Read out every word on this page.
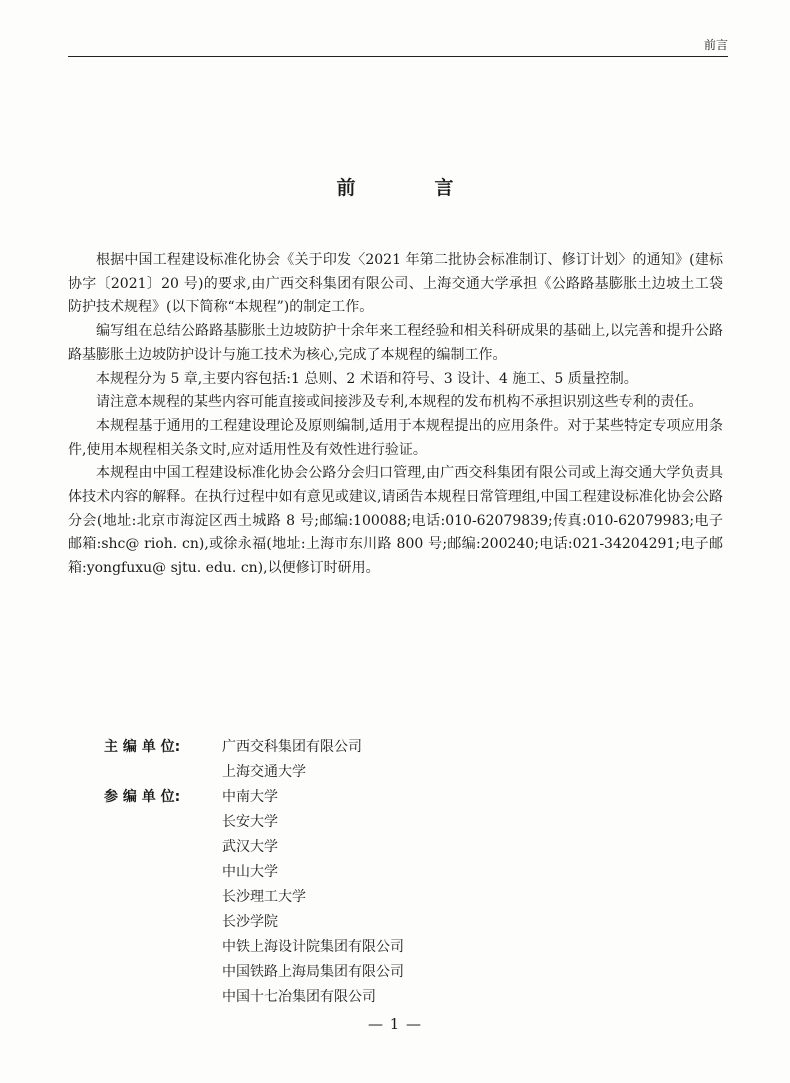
前言
前　言

根据中国工程建设标准化协会《关于印发〈2021 年第二批协会标准制订、修订计划〉的通知》(建标协字〔2021〕20 号)的要求,由广西交科集团有限公司、上海交通大学承担《公路路基膨胀土边坡土工袋防护技术规程》(以下简称“本规程”)的制定工作。

编写组在总结公路路基膨胀土边坡防护十余年来工程经验和相关科研成果的基础上,以完善和提升公路路基膨胀土边坡防护设计与施工技术为核心,完成了本规程的编制工作。

本规程分为 5 章,主要内容包括:1 总则、2 术语和符号、3 设计、4 施工、5 质量控制。

请注意本规程的某些内容可能直接或间接涉及专利,本规程的发布机构不承担识别这些专利的责任。

本规程基于通用的工程建设理论及原则编制,适用于本规程提出的应用条件。对于某些特定专项应用条件,使用本规程相关条文时,应对适用性及有效性进行验证。

本规程由中国工程建设标准化协会公路分会归口管理,由广西交科集团有限公司或上海交通大学负责具体技术内容的解释。在执行过程中如有意见或建议,请函告本规程日常管理组,中国工程建设标准化协会公路分会(地址:北京市海淀区西土城路 8 号;邮编:100088;电话:010-62079839;传真:010-62079983;电子邮箱:shc@ rioh. cn),或徐永福(地址:上海市东川路 800 号;邮编:200240;电话:021-34204291;电子邮箱:yongfuxu@ sjtu. edu. cn),以便修订时研用。

主 编 单 位:	广西交科集团有限公司
上海交通大学
参 编 单 位:	中南大学
长安大学
武汉大学
中山大学
长沙理工大学
长沙学院
中铁上海设计院集团有限公司
中国铁路上海局集团有限公司
中国十七冶集团有限公司
— 1 —
